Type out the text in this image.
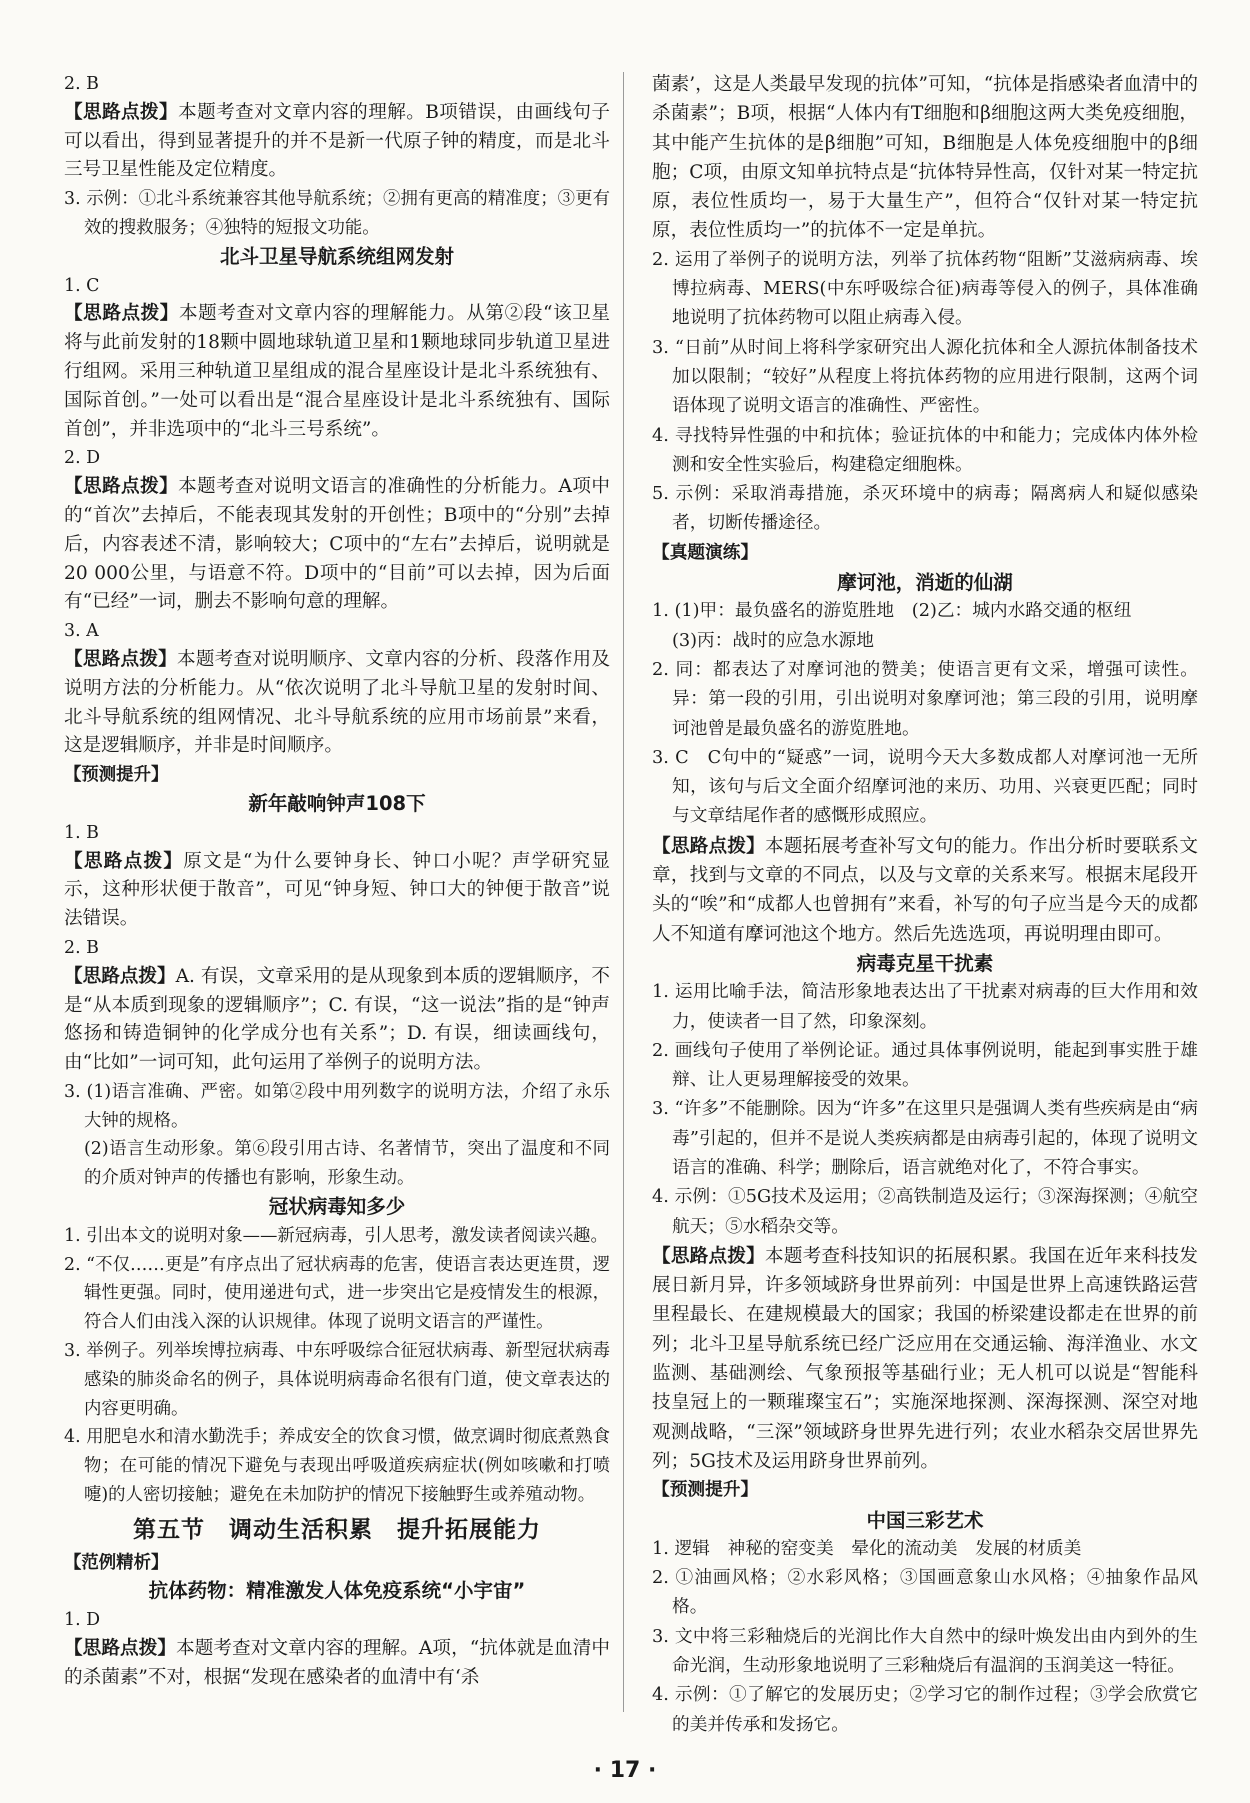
2. B

【思路点拨】本题考查对文章内容的理解。B项错误，由画线句子可以看出，得到显著提升的并不是新一代原子钟的精度，而是北斗三号卫星性能及定位精度。

3. 示例：①北斗系统兼容其他导航系统；②拥有更高的精准度；③更有效的搜救服务；④独特的短报文功能。

北斗卫星导航系统组网发射

1. C

【思路点拨】本题考查对文章内容的理解能力。从第②段“该卫星将与此前发射的18颗中圆地球轨道卫星和1颗地球同步轨道卫星进行组网。采用三种轨道卫星组成的混合星座设计是北斗系统独有、国际首创。”一处可以看出是“混合星座设计是北斗系统独有、国际首创”，并非选项中的“北斗三号系统”。

2. D

【思路点拨】本题考查对说明文语言的准确性的分析能力。A项中的“首次”去掉后，不能表现其发射的开创性；B项中的“分别”去掉后，内容表述不清，影响较大；C项中的“左右”去掉后，说明就是20 000公里，与语意不符。D项中的“目前”可以去掉，因为后面有“已经”一词，删去不影响句意的理解。

3. A

【思路点拨】本题考查对说明顺序、文章内容的分析、段落作用及说明方法的分析能力。从“依次说明了北斗导航卫星的发射时间、北斗导航系统的组网情况、北斗导航系统的应用市场前景”来看，这是逻辑顺序，并非是时间顺序。

【预测提升】

新年敲响钟声108下

1. B

【思路点拨】原文是“为什么要钟身长、钟口小呢？声学研究显示，这种形状便于散音”，可见“钟身短、钟口大的钟便于散音”说法错误。

2. B

【思路点拨】A. 有误，文章采用的是从现象到本质的逻辑顺序，不是“从本质到现象的逻辑顺序”；C. 有误，“这一说法”指的是“钟声悠扬和铸造铜钟的化学成分也有关系”；D. 有误，细读画线句，由“比如”一词可知，此句运用了举例子的说明方法。

3. (1)语言准确、严密。如第②段中用列数字的说明方法，介绍了永乐大钟的规格。

(2)语言生动形象。第⑥段引用古诗、名著情节，突出了温度和不同的介质对钟声的传播也有影响，形象生动。

冠状病毒知多少

1. 引出本文的说明对象——新冠病毒，引人思考，激发读者阅读兴趣。

2. “不仅……更是”有序点出了冠状病毒的危害，使语言表达更连贯，逻辑性更强。同时，使用递进句式，进一步突出它是疫情发生的根源，符合人们由浅入深的认识规律。体现了说明文语言的严谨性。

3. 举例子。列举埃博拉病毒、中东呼吸综合征冠状病毒、新型冠状病毒感染的肺炎命名的例子，具体说明病毒命名很有门道，使文章表达的内容更明确。

4. 用肥皂水和清水勤洗手；养成安全的饮食习惯，做烹调时彻底煮熟食物；在可能的情况下避免与表现出呼吸道疾病症状(例如咳嗽和打喷嚏)的人密切接触；避免在未加防护的情况下接触野生或养殖动物。

第五节　调动生活积累　提升拓展能力

【范例精析】

抗体药物：精准激发人体免疫系统“小宇宙”

1. D

【思路点拨】本题考查对文章内容的理解。A项，“抗体就是血清中的杀菌素”不对，根据“发现在感染者的血清中有‘杀

菌素’，这是人类最早发现的抗体”可知，“抗体是指感染者血清中的杀菌素”；B项，根据“人体内有T细胞和β细胞这两大类免疫细胞，其中能产生抗体的是β细胞”可知，B细胞是人体免疫细胞中的β细胞；C项，由原文知单抗特点是“抗体特异性高，仅针对某一特定抗原，表位性质均一，易于大量生产”，但符合“仅针对某一特定抗原，表位性质均一”的抗体不一定是单抗。

2. 运用了举例子的说明方法，列举了抗体药物“阻断”艾滋病病毒、埃博拉病毒、MERS(中东呼吸综合征)病毒等侵入的例子，具体准确地说明了抗体药物可以阻止病毒入侵。

3. “日前”从时间上将科学家研究出人源化抗体和全人源抗体制备技术加以限制；“较好”从程度上将抗体药物的应用进行限制，这两个词语体现了说明文语言的准确性、严密性。

4. 寻找特异性强的中和抗体；验证抗体的中和能力；完成体内体外检测和安全性实验后，构建稳定细胞株。

5. 示例：采取消毒措施，杀灭环境中的病毒；隔离病人和疑似感染者，切断传播途径。

【真题演练】

摩诃池，消逝的仙湖

1. (1)甲：最负盛名的游览胜地　(2)乙：城内水路交通的枢纽

(3)丙：战时的应急水源地

2. 同：都表达了对摩诃池的赞美；使语言更有文采，增强可读性。异：第一段的引用，引出说明对象摩诃池；第三段的引用，说明摩诃池曾是最负盛名的游览胜地。

3. C　C句中的“疑惑”一词，说明今天大多数成都人对摩诃池一无所知，该句与后文全面介绍摩诃池的来历、功用、兴衰更匹配；同时与文章结尾作者的感慨形成照应。

【思路点拨】本题拓展考查补写文句的能力。作出分析时要联系文章，找到与文章的不同点，以及与文章的关系来写。根据末尾段开头的“唉”和“成都人也曾拥有”来看，补写的句子应当是今天的成都人不知道有摩诃池这个地方。然后先选选项，再说明理由即可。

病毒克星干扰素

1. 运用比喻手法，简洁形象地表达出了干扰素对病毒的巨大作用和效力，使读者一目了然，印象深刻。

2. 画线句子使用了举例论证。通过具体事例说明，能起到事实胜于雄辩、让人更易理解接受的效果。

3. “许多”不能删除。因为“许多”在这里只是强调人类有些疾病是由“病毒”引起的，但并不是说人类疾病都是由病毒引起的，体现了说明文语言的准确、科学；删除后，语言就绝对化了，不符合事实。

4. 示例：①5G技术及运用；②高铁制造及运行；③深海探测；④航空航天；⑤水稻杂交等。

【思路点拨】本题考查科技知识的拓展积累。我国在近年来科技发展日新月异，许多领域跻身世界前列：中国是世界上高速铁路运营里程最长、在建规模最大的国家；我国的桥梁建设都走在世界的前列；北斗卫星导航系统已经广泛应用在交通运输、海洋渔业、水文监测、基础测绘、气象预报等基础行业；无人机可以说是“智能科技皇冠上的一颗璀璨宝石”；实施深地探测、深海探测、深空对地观测战略，“三深”领域跻身世界先进行列；农业水稻杂交居世界先列；5G技术及运用跻身世界前列。

【预测提升】

中国三彩艺术

1. 逻辑　神秘的窑变美　晕化的流动美　发展的材质美

2. ①油画风格；②水彩风格；③国画意象山水风格；④抽象作品风格。

3. 文中将三彩釉烧后的光润比作大自然中的绿叶焕发出由内到外的生命光润，生动形象地说明了三彩釉烧后有温润的玉润美这一特征。

4. 示例：①了解它的发展历史；②学习它的制作过程；③学会欣赏它的美并传承和发扬它。

· 17 ·
